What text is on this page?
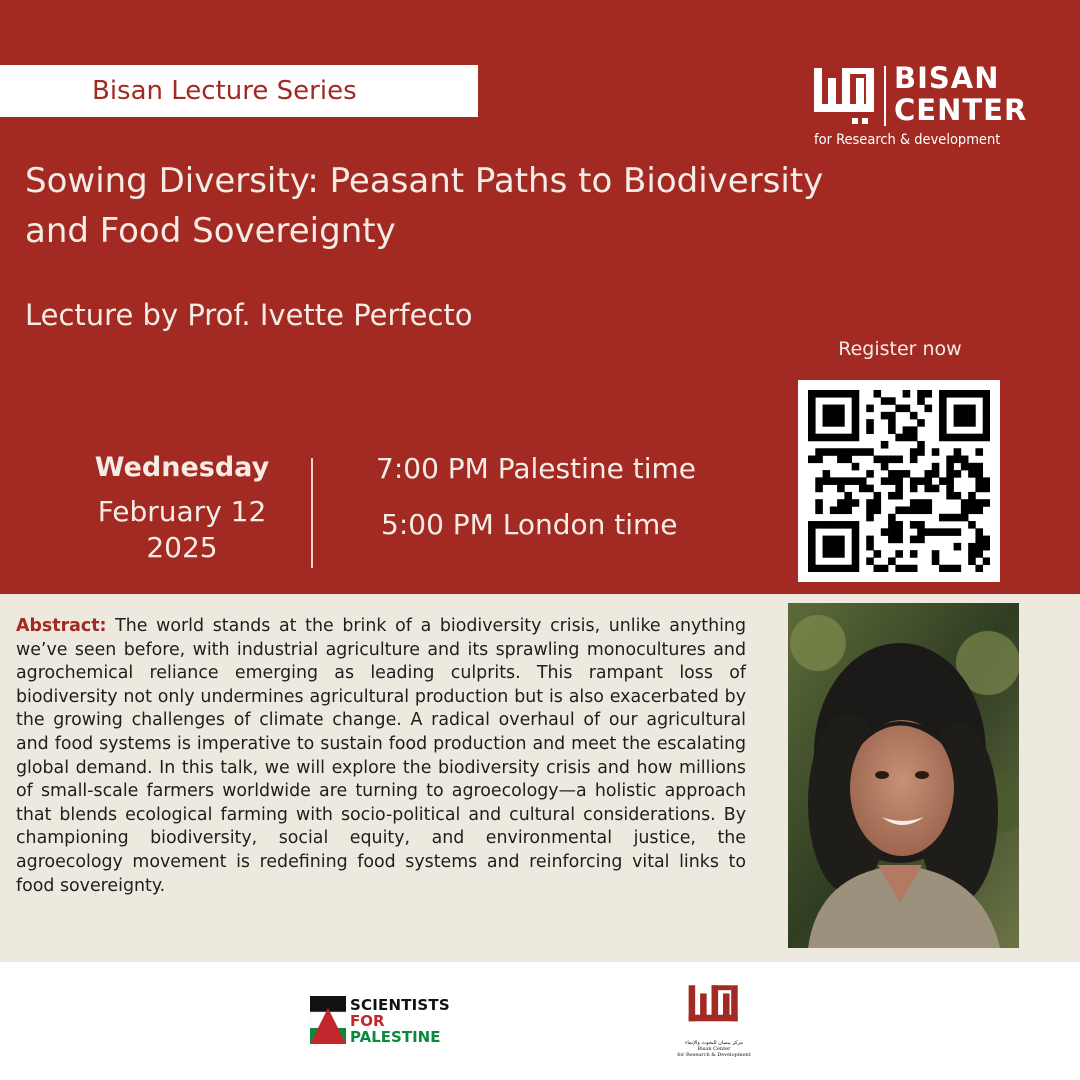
Bisan Lecture Series	BISAN
CENTER
for Research & development
Sowing Diversity: Peasant Paths to Biodiversity
and Food Sovereignty
Lecture by Prof. Ivette Perfecto
Register now
Wednesday
February 12
2025
7:00 PM Palestine time
5:00 PM London time

Abstract: The world stands at the brink of a biodiversity crisis, unlike anything we’ve seen before, with industrial agriculture and its sprawling monocultures and agrochemical reliance emerging as leading culprits. This rampant loss of biodiversity not only undermines agricultural production but is also exacerbated by the growing challenges of climate change. A radical overhaul of our agricultural and food systems is imperative to sustain food production and meet the escalating global demand. In this talk, we will explore the biodiversity crisis and how millions of small-scale farmers worldwide are turning to agroecology—a holistic approach that blends ecological farming with socio-political and cultural considerations. By championing biodiversity, social equity, and environmental justice, the agroecology movement is redefining food systems and reinforcing vital links to food sovereignty.

SCIENTISTS
FOR
PALESTINE	مركز بيسان للبحوث والإنماء
Bisan Center
for Research & Development
